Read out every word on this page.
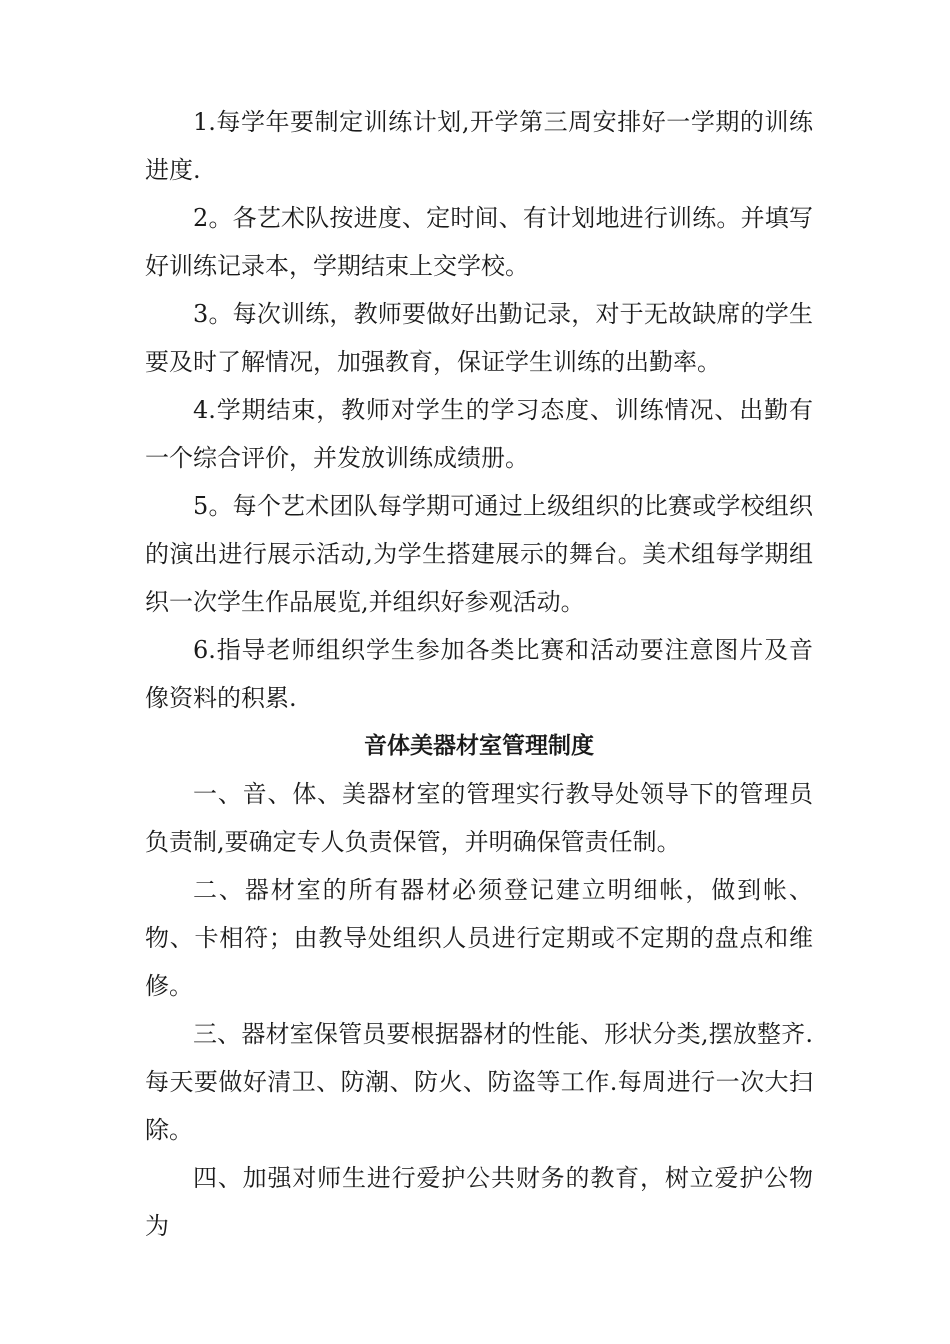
1.每学年要制定训练计划,开学第三周安排好一学期的训练进度.

2。各艺术队按进度、定时间、有计划地进行训练。并填写好训练记录本，学期结束上交学校。

3。每次训练，教师要做好出勤记录，对于无故缺席的学生要及时了解情况，加强教育，保证学生训练的出勤率。

4.学期结束，教师对学生的学习态度、训练情况、出勤有一个综合评价，并发放训练成绩册。

5。每个艺术团队每学期可通过上级组织的比赛或学校组织的演出进行展示活动,为学生搭建展示的舞台。美术组每学期组织一次学生作品展览,并组织好参观活动。

6.指导老师组织学生参加各类比赛和活动要注意图片及音像资料的积累.

音体美器材室管理制度

一、音、体、美器材室的管理实行教导处领导下的管理员负责制,要确定专人负责保管，并明确保管责任制。

二、器材室的所有器材必须登记建立明细帐，做到帐、物、卡相符；由教导处组织人员进行定期或不定期的盘点和维修。

三、器材室保管员要根据器材的性能、形状分类,摆放整齐.每天要做好清卫、防潮、防火、防盗等工作.每周进行一次大扫除。

四、加强对师生进行爱护公共财务的教育，树立爱护公物为
